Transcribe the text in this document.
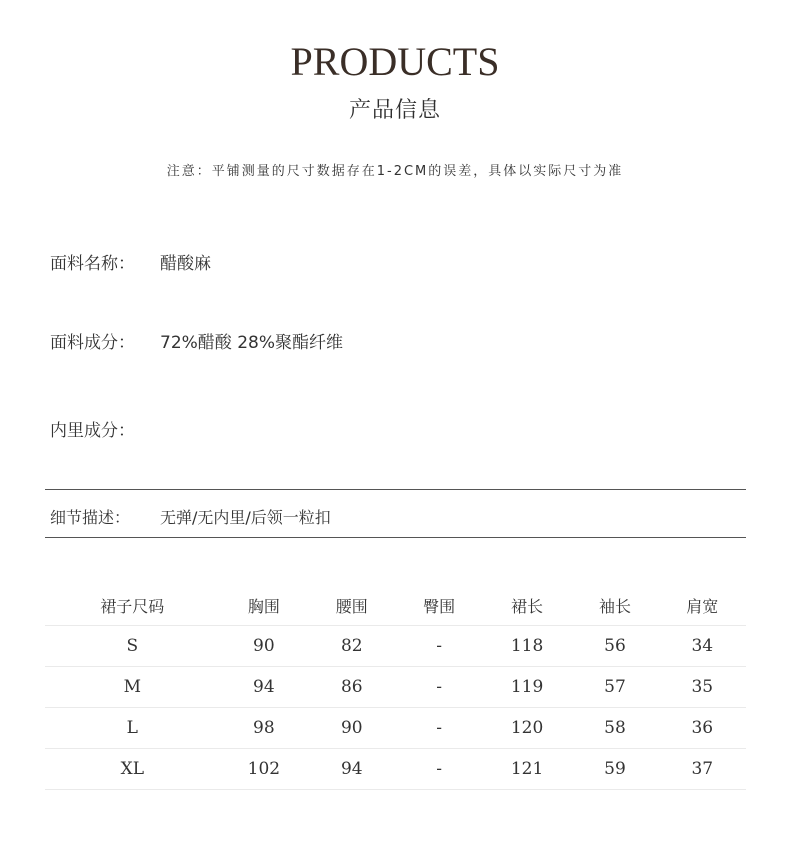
PRODUCTS
产品信息
注意：平铺测量的尺寸数据存在1-2CM的误差，具体以实际尺寸为准
面料名称： 醋酸麻
面料成分： 72%醋酸 28%聚酯纤维
内里成分：
细节描述： 无弹/无内里/后领一粒扣
裙子尺码	胸围	腰围	臀围	裙长	袖长	肩宽
S	90	82	-	118	56	34
M	94	86	-	119	57	35
L	98	90	-	120	58	36
XL	102	94	-	121	59	37
